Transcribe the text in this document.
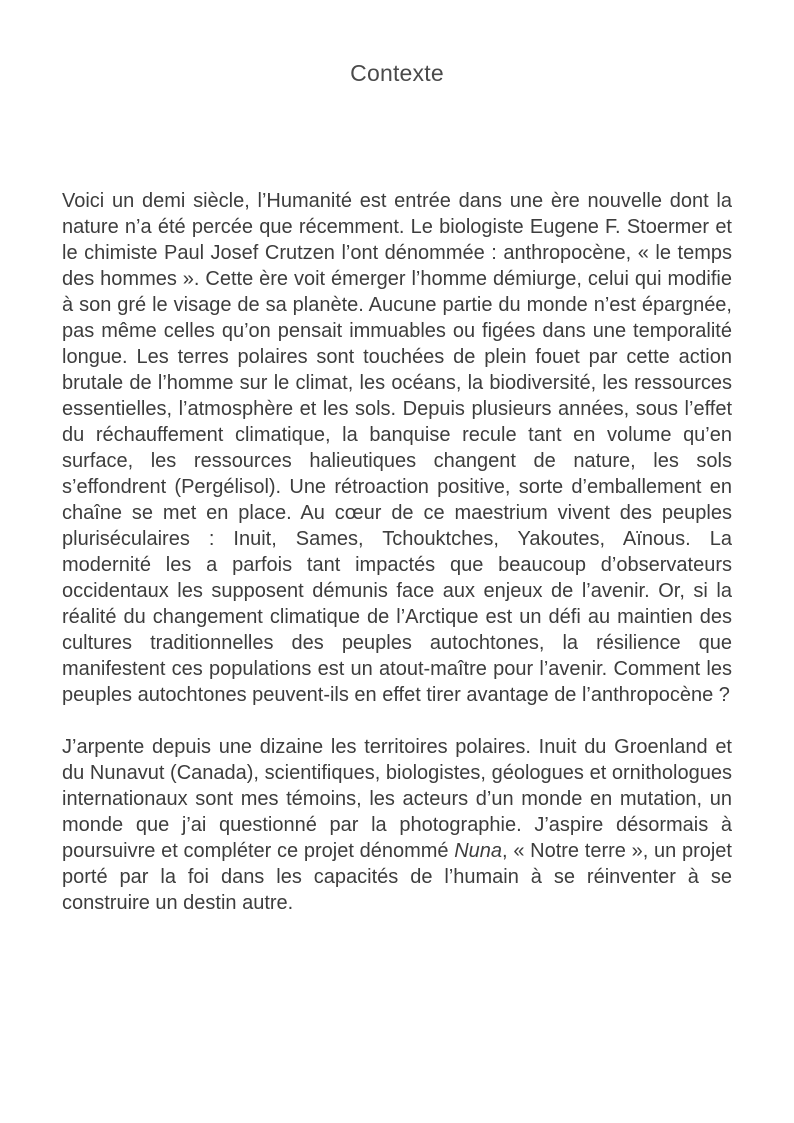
Contexte

Voici un demi siècle, l’Humanité est entrée dans une ère nouvelle dont la nature n’a été percée que récemment. Le biologiste Eugene F. Stoermer et le chimiste Paul Josef Crutzen l’ont dénommée : anthropocène, « le temps des hommes ». Cette ère voit émerger l’homme démiurge, celui qui modifie à son gré le visage de sa planète. Aucune partie du monde n’est épargnée, pas même celles qu’on pensait immuables ou figées dans une temporalité longue. Les terres polaires sont touchées de plein fouet par cette action brutale de l’homme sur le climat, les océans, la biodiversité, les ressources essentielles, l’atmosphère et les sols. Depuis plusieurs années, sous l’effet du réchauffement climatique, la banquise recule tant en volume qu’en surface, les ressources halieutiques changent de nature, les sols s’effondrent (Pergélisol). Une rétroaction positive, sorte d’emballement en chaîne se met en place. Au cœur de ce maestrium vivent des peuples pluriséculaires : Inuit, Sames, Tchouktches, Yakoutes, Aïnous. La modernité les a parfois tant impactés que beaucoup d’observateurs occidentaux les supposent démunis face aux enjeux de l’avenir. Or, si la réalité du changement climatique de l’Arctique est un défi au maintien des cultures traditionnelles des peuples autochtones, la résilience que manifestent ces populations est un atout-maître pour l’avenir. Comment les peuples autochtones peuvent-ils en effet tirer avantage de l’anthropocène ?

J’arpente depuis une dizaine les territoires polaires. Inuit du Groenland et du Nunavut (Canada), scientifiques, biologistes, géologues et ornithologues internationaux sont mes témoins, les acteurs d’un monde en mutation, un monde que j’ai questionné par la photographie. J’aspire désormais à poursuivre et compléter ce projet dénommé Nuna, « Notre terre », un projet porté par la foi dans les capacités de l’humain à se réinventer à se construire un destin autre.
